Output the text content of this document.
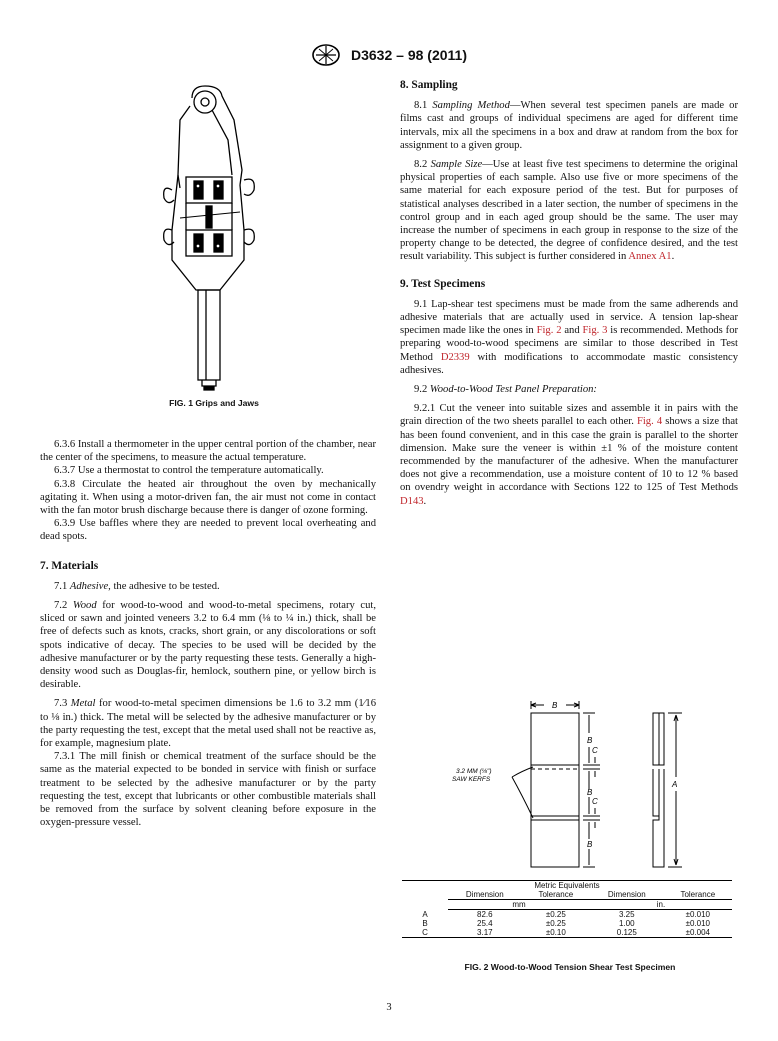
D3632 – 98 (2011)
FIG. 1 Grips and Jaws

6.3.6 Install a thermometer in the upper central portion of the chamber, near the center of the specimens, to measure the actual temperature.

6.3.7 Use a thermostat to control the temperature automatically.

6.3.8 Circulate the heated air throughout the oven by mechanically agitating it. When using a motor-driven fan, the air must not come in contact with the fan motor brush discharge because there is danger of ozone forming.

6.3.9 Use baffles where they are needed to prevent local overheating and dead spots.

7. Materials

7.1 Adhesive, the adhesive to be tested.

7.2 Wood for wood-to-wood and wood-to-metal specimens, rotary cut, sliced or sawn and jointed veneers 3.2 to 6.4 mm (⅛ to ¼ in.) thick, shall be free of defects such as knots, cracks, short grain, or any discolorations or soft spots indicative of decay. The species to be used will be decided by the adhesive manufacturer or by the party requesting these tests. Generally a high-density wood such as Douglas-fir, hemlock, southern pine, or yellow birch is desirable.

7.3 Metal for wood-to-metal specimen dimensions be 1.6 to 3.2 mm (1⁄16 to ⅛ in.) thick. The metal will be selected by the adhesive manufacturer or by the party requesting the test, except that the metal used shall not be reactive as, for example, magnesium plate.

7.3.1 The mill finish or chemical treatment of the surface should be the same as the material expected to be bonded in service with finish or surface treatment to be selected by the adhesive manufacturer or by the party requesting the test, except that lubricants or other combustible materials shall be removed from the surface by solvent cleaning before exposure in the oxygen-pressure vessel.

8. Sampling

8.1 Sampling Method—When several test specimen panels are made or films cast and groups of individual specimens are aged for different time intervals, mix all the specimens in a box and draw at random from the box for assignment to a given group.

8.2 Sample Size—Use at least five test specimens to determine the original physical properties of each sample. Also use five or more specimens of the same material for each exposure period of the test. But for purposes of statistical analyses described in a later section, the number of specimens in the control group and in each aged group should be the same. The user may increase the number of specimens in each group in response to the size of the property change to be detected, the degree of confidence desired, and the test result variability. This subject is further considered in Annex A1.

9. Test Specimens

9.1 Lap-shear test specimens must be made from the same adherends and adhesive materials that are actually used in service. A tension lap-shear specimen made like the ones in Fig. 2 and Fig. 3 is recommended. Methods for preparing wood-to-wood specimens are similar to those described in Test Method D2339 with modifications to accommodate mastic consistency adhesives.

9.2 Wood-to-Wood Test Panel Preparation:

9.2.1 Cut the veneer into suitable sizes and assemble it in pairs with the grain direction of the two sheets parallel to each other. Fig. 4 shows a size that has been found convenient, and in this case the grain is parallel to the shorter dimension. Make sure the veneer is within ±1 % of the moisture content recommended by the manufacturer of the adhesive. When the manufacturer does not give a recommendation, use a moisture content of 10 to 12 % based on ovendry weight in accordance with Sections 122 to 125 of Test Methods D143.

B
B
C
B
C
B
A
3.2 MM (⅛")
SAW KERFS
Metric Equivalents				
	Dimension	Tolerance	Dimension	Tolerance
	mm		in.	
A	82.6	±0.25	3.25	±0.010
B	25.4	±0.25	1.00	±0.010
C	3.17	±0.10	0.125	±0.004
FIG. 2 Wood-to-Wood Tension Shear Test Specimen
3
